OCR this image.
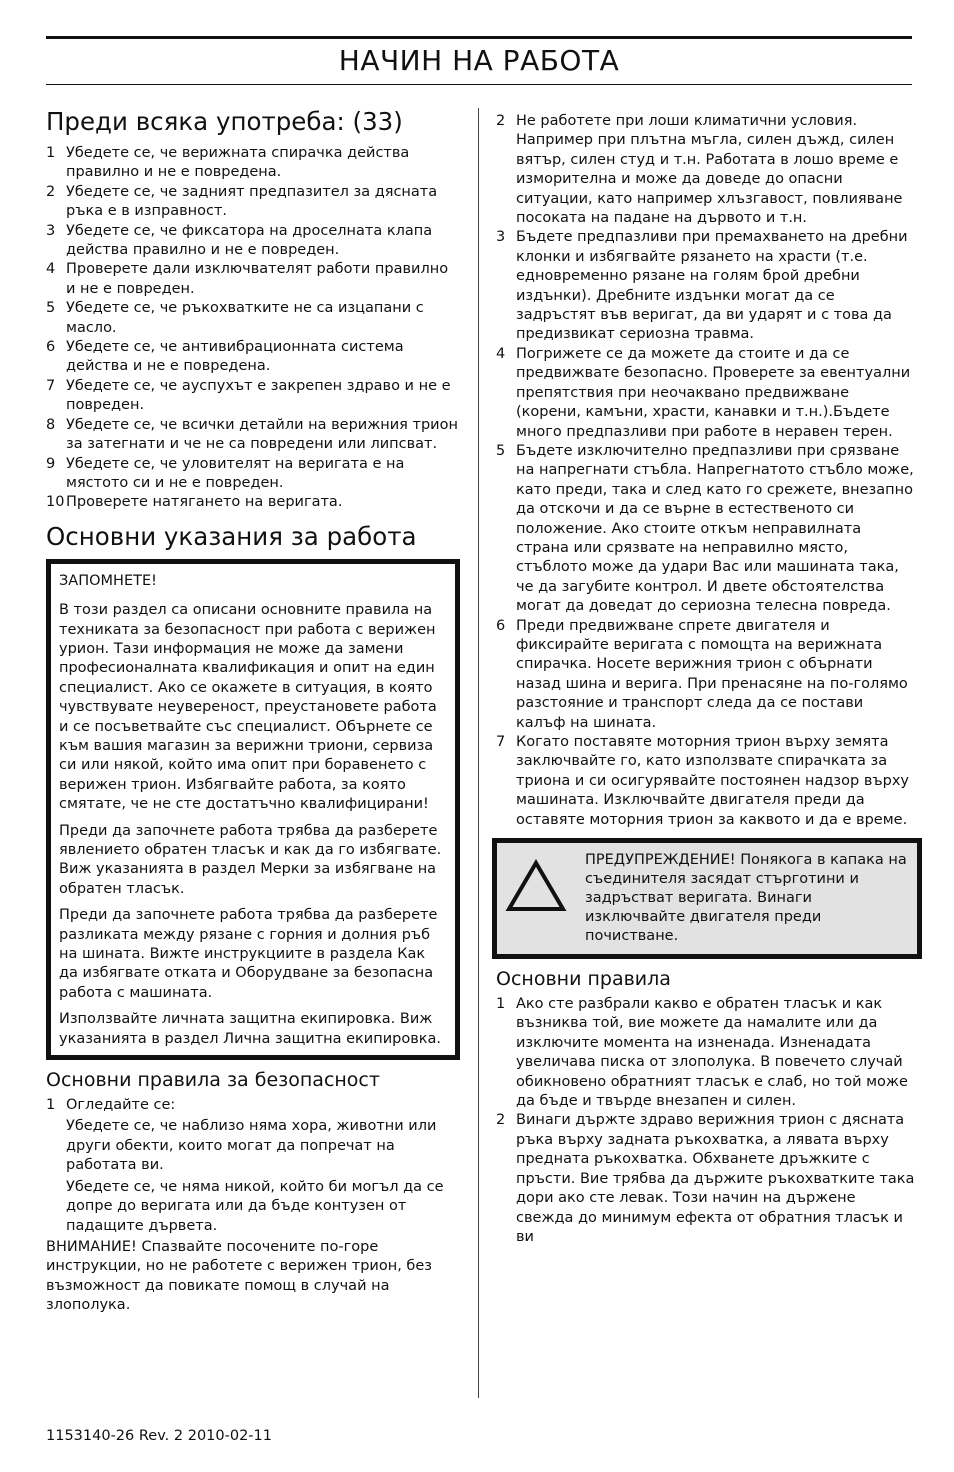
НАЧИН НА РАБОТА
Преди всяка употреба: (33)
1 Убедете се, че верижната спирачка действа правилно и не е повредена.
2 Убедете се, че задният предпазител за дясната ръка е в изправност.
3 Убедете се, че фиксатора на дроселната клапа действа правилно и не е повреден.
4 Проверете дали изключвателят работи правилно и не е повреден.
5 Убедете се, че ръкохватките не са изцапани с масло.
6 Убедете се, че антивибрационната система действа и не е повредена.
7 Убедете се, че ауспухът е закрепен здраво и не е повреден.
8 Убедете се, че всички детайли на верижния трион за затегнати и че не са повредени или липсват.
9 Убедете се, че уловителят на веригата е на мястото си и не е повреден.
10 Проверете натягането на веригата.
Основни указания за работа

ЗАПОМНЕТЕ!

В този раздел са описани основните правила на техниката за безопасност при работа с верижен урион. Тази информация не може да замени професионалната квалификация и опит на един специалист. Ако се окажете в ситуация, в която чувствувате неувереност, преустановете работа и се посъветвайте със специалист. Обърнете се към вашия магазин за верижни триони, сервиза си или някой, който има опит при боравенето с верижен трион. Избягвайте работа, за която смятате, че не сте достатъчно квалифицирани!

Преди да започнете работа трябва да разберете явлението обратен тласък и как да го избягвате. Виж указанията в раздел Мерки за избягване на обратен тласък.

Преди да започнете работа трябва да разберете разликата между рязане с горния и долния ръб на шината. Вижте инструкциите в раздела Как да избягвате отката и Оборудване за безопасна работа с машината.

Използвайте личната защитна екипировка. Виж указанията в раздел Лична защитна екипировка.

Основни правила за безопасност
1 Огледайте се:
Убедете се, че наблизо няма хора, животни или други обекти, които могат да попречат на работата ви.
Убедете се, че няма никой, който би могъл да се допре до веригата или да бъде контузен от падащите дървета.
ВНИМАНИЕ! Спазвайте посочените по-горе инструкции, но не работете с верижен трион, без възможност да повикате помощ в случай на злополука.
2 Не работете при лоши климатични условия. Например при плътна мъгла, силен дъжд, силен вятър, силен студ и т.н. Работата в лошо време е изморителна и може да доведе до опасни ситуации, като например хлъзгавост, повлияване посоката на падане на дървото и т.н.
3 Бъдете предпазливи при премахването на дребни клонки и избягвайте рязането на храсти (т.е. едновременно рязане на голям брой дребни издънки). Дребните издънки могат да се задръстят във веригат, да ви ударят и с това да предизвикат сериозна травма.
4 Погрижете се да можете да стоите и да се предвижвате безопасно. Проверете за евентуални препятствия при неочаквано предвижване (корени, камъни, храсти, канавки и т.н.).Бъдете много предпазливи при работе в неравен терен.
5 Бъдете изключително предпазливи при срязване на напрегнати стъбла. Напрегнатото стъбло може, като преди, така и след като го срежете, внезапно да отскочи и да се върне в естественото си положение. Ако стоите откъм неправилната страна или срязвате на неправилно място, стъблото може да удари Вас или машината така, че да загубите контрол. И двете обстоятелства могат да доведат до сериозна телесна повреда.
6 Преди предвижване спрете двигателя и фиксирайте веригата с помощта на верижната спирачка. Носете верижния трион с обърнати назад шина и верига. При пренасяне на по-голямо разстояние и транспорт следа да се постави калъф на шината.
7 Когато поставяте моторния трион върху земята заключвайте го, като използвате спирачката за триона и си осигурявайте постоянен надзор върху машината. Изключвайте двигателя преди да оставяте моторния трион за каквото и да е време.
ПРЕДУПРЕЖДЕНИЕ! Понякога в капака на съединителя засядат стърготини и задръстват веригата. Винаги изключвайте двигателя преди почистване.
Основни правила
1 Ако сте разбрали какво е обратен тласък и как възниква той, вие можете да намалите или да изключите момента на изненада. Изненадата увеличава писка от злополука. В повечето случай обикновено обратният тласък е слаб, но той може да бъде и твърде внезапен и силен.
2 Винаги държте здраво верижния трион с дясната ръка върху задната ръкохватка, а лявата върху предната ръкохватка. Обхванете дръжките с пръсти. Вие трябва да държите ръкохватките така дори ако сте левак. Този начин на държене свежда до минимум ефекта от обратния тласък и ви
1153140-26 Rev. 2 2010-02-11
